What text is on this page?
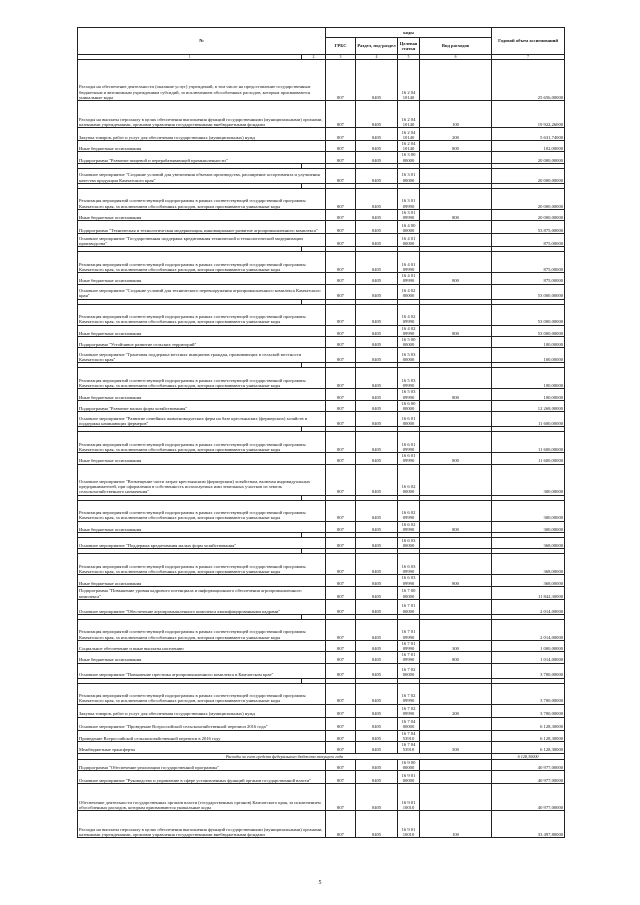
№		коды				Годовой объем ассигнований
		ГРБС	Раздел, под-раздел	Целевая статья	Вид расходов	
1	2	3	4	5	6	7
Расходы на обеспечение деятельности (оказание услуг) учреждений, в том числе на предоставление государственным бюджетным и автономным учреждениям субсидий, за исключением обособленных расходов, которым присваиваются уникальные коды		807	0405	16 2 04 10140		25 656,00000
Расходы на выплаты персоналу в целях обеспечения выполнения функций государственными (муниципальными) органами, казенными учреждениями, органами управления государственными внебюджетными фондами		807	0405	16 2 04 10140	100	19 922,26000
Закупка товаров, работ и услуг для обеспечения государственных (муниципальных) нужд		807	0405	16 2 04 10140	200	5 631,74000
Иные бюджетные ассигнования		807	0405	16 2 04 10140	800	102,00000
Подпрограмма "Развитие пищевой и перерабатывающей промышленности"		807	0405	16 3 00 00000		20 000,00000

Основное мероприятие "Создание условий для увеличения объемов производства, расширение ассортимента и улучшения качества продукции Камчатского края"		807	0405	16 3 01 00000		20 000,00000

Реализация мероприятий соответствующей подпрограммы в рамках соответствующей государственной программы Камчатского края, за исключением обособленных расходов, которым присваиваются уникальные коды		807	0405	16 3 01 09990		20 000,00000
Иные бюджетные ассигнования		807	0405	16 3 01 09990	800	20 000,00000
Подпрограмма "Техническая и технологическая модернизация, инновационное развитие агропромышленного комплекса"		807	0405	16 4 00 00000		53 875,00000
Основное мероприятие "Государственная поддержка кредитования технической и технологической модернизации производства"		807	0405	16 4 01 00000		875,00000

Реализация мероприятий соответствующей подпрограммы в рамках соответствующей государственной программы Камчатского края, за исключением обособленных расходов, которым присваиваются уникальные коды		807	0405	16 4 01 09990		875,00000
Иные бюджетные ассигнования		807	0405	16 4 01 09990	800	875,00000
Основное мероприятие "Создание условий для технического перевооружения агропромышленного комплекса Камчатского края"		807	0405	16 4 02 00000		53 000,00000

Реализация мероприятий соответствующей подпрограммы в рамках соответствующей государственной программы Камчатского края, за исключением обособленных расходов, которым присваиваются уникальные коды		807	0405	16 4 02 09990		53 000,00000
Иные бюджетные ассигнования		807	0405	16 4 02 09990	800	53 000,00000
Подпрограмма "Устойчивое развитие сельских территорий"		807	0405	16 5 00 00000		100,00000
Основное мероприятие "Грантовая поддержка местных инициатив граждан, проживающих в сельской местности Камчатского края"		807	0405	16 5 03 00000		100,00000

Реализация мероприятий соответствующей подпрограммы в рамках соответствующей государственной программы Камчатского края, за исключением обособленных расходов, которым присваиваются уникальные коды		807	0405	16 5 03 09990		100,00000
Иные бюджетные ассигнования		807	0405	16 5 03 09990	800	100,00000
Подпрограмма "Развитие малых форм хозяйствования"		807	0405	16 6 00 00000		12 268,00000
Основное мероприятие "Развитие семейных животноводческих ферм на базе крестьянских (фермерских) хозяйств и поддержка начинающих фермеров"		807	0405	16 6 01 00000		11 600,00000

Реализация мероприятий соответствующей подпрограммы в рамках соответствующей государственной программы Камчатского края, за исключением обособленных расходов, которым присваиваются уникальные коды		807	0405	16 6 01 09990		11 600,00000
Иные бюджетные ассигнования		807	0405	16 6 01 09990	800	11 600,00000
Основное мероприятие "Возмещение части затрат крестьянским (фермерским) хозяйствам, включая индивидуальных предпринимателей, при оформлении в собственность используемых ими земельных участков из земель сельскохозяйственного назначения"		807	0405	16 6 02 00000		300,00000

Реализация мероприятий соответствующей подпрограммы в рамках соответствующей государственной программы Камчатского края, за исключением обособленных расходов, которым присваиваются уникальные коды		807	0405	16 6 02 09990		300,00000
Иные бюджетные ассигнования		807	0405	16 6 02 09990	800	300,00000

Основное мероприятие "Поддержка кредитования малых форм хозяйствования"		807	0405	16 6 03 00000		368,00000

Реализация мероприятий соответствующей подпрограммы в рамках соответствующей государственной программы Камчатского края, за исключением обособленных расходов, которым присваиваются уникальные коды		807	0405	16 6 03 09990		368,00000
Иные бюджетные ассигнования		807	0405	16 6 03 09990	800	368,00000
Подпрограмма "Повышение уровня кадрового потенциала и информационного обеспечения агропромышленного комплекса"		807	0405	16 7 00 00000		11 842,30000
Основное мероприятие "Обеспечение агропромышленного комплекса квалифицированными кадрами"		807	0405	16 7 01 00000		2 014,00000

Реализация мероприятий соответствующей подпрограммы в рамках соответствующей государственной программы Камчатского края, за исключением обособленных расходов, которым присваиваются уникальные коды		807	0405	16 7 01 09990		2 014,00000
Социальное обеспечение и иные выплаты населению		807	0405	16 7 01 09990	300	1 000,00000
Иные бюджетные ассигнования		807	0405	16 7 01 09990	800	1 014,00000
Основное мероприятие "Повышение престижа агропромышленного комплекса в Камчатском крае"		807	0405	16 7 02 00000		3 700,00000

Реализация мероприятий соответствующей подпрограммы в рамках соответствующей государственной программы Камчатского края, за исключением обособленных расходов, которым присваиваются уникальные коды		807	0405	16 7 02 09990		3 700,00000
Закупка товаров, работ и услуг для обеспечения государственных (муниципальных) нужд		807	0405	16 7 02 09990	200	3 700,00000
Основное мероприятие "Проведение Всероссийской сельскохозяйственной переписи 2016 года"		807	0405	16 7 04 00000		6 128,30000
Проведение Всероссийской сельскохозяйственной переписи в 2016 году		807	0405	16 7 04 53910		6 128,30000
Межбюджетные трансферты		807	0405	16 7 04 53910	500	6 128,30000
Расходы за счет средств федерального бюджета текущего года						6 128,30000
Подпрограмма "Обеспечение реализации государственной программы"		807	0405	16 9 00 00000		40 977,00000
Основное мероприятие "Руководство и управление в сфере установленных функций органов государственной власти"		807	0405	16 9 01 00000		40 977,00000
Обеспечение деятельности государственных органов власти (государственных органов) Камчатского края, за исключением обособленных расходов, которым присваиваются уникальные коды		807	0405	16 9 01 10010		40 977,00000
Расходы на выплаты персоналу в целях обеспечения выполнения функций государственными (муниципальными) органами, казенными учреждениями, органами управления государственными внебюджетными фондами		807	0405	16 9 01 10010	100	33 497,80000
5
